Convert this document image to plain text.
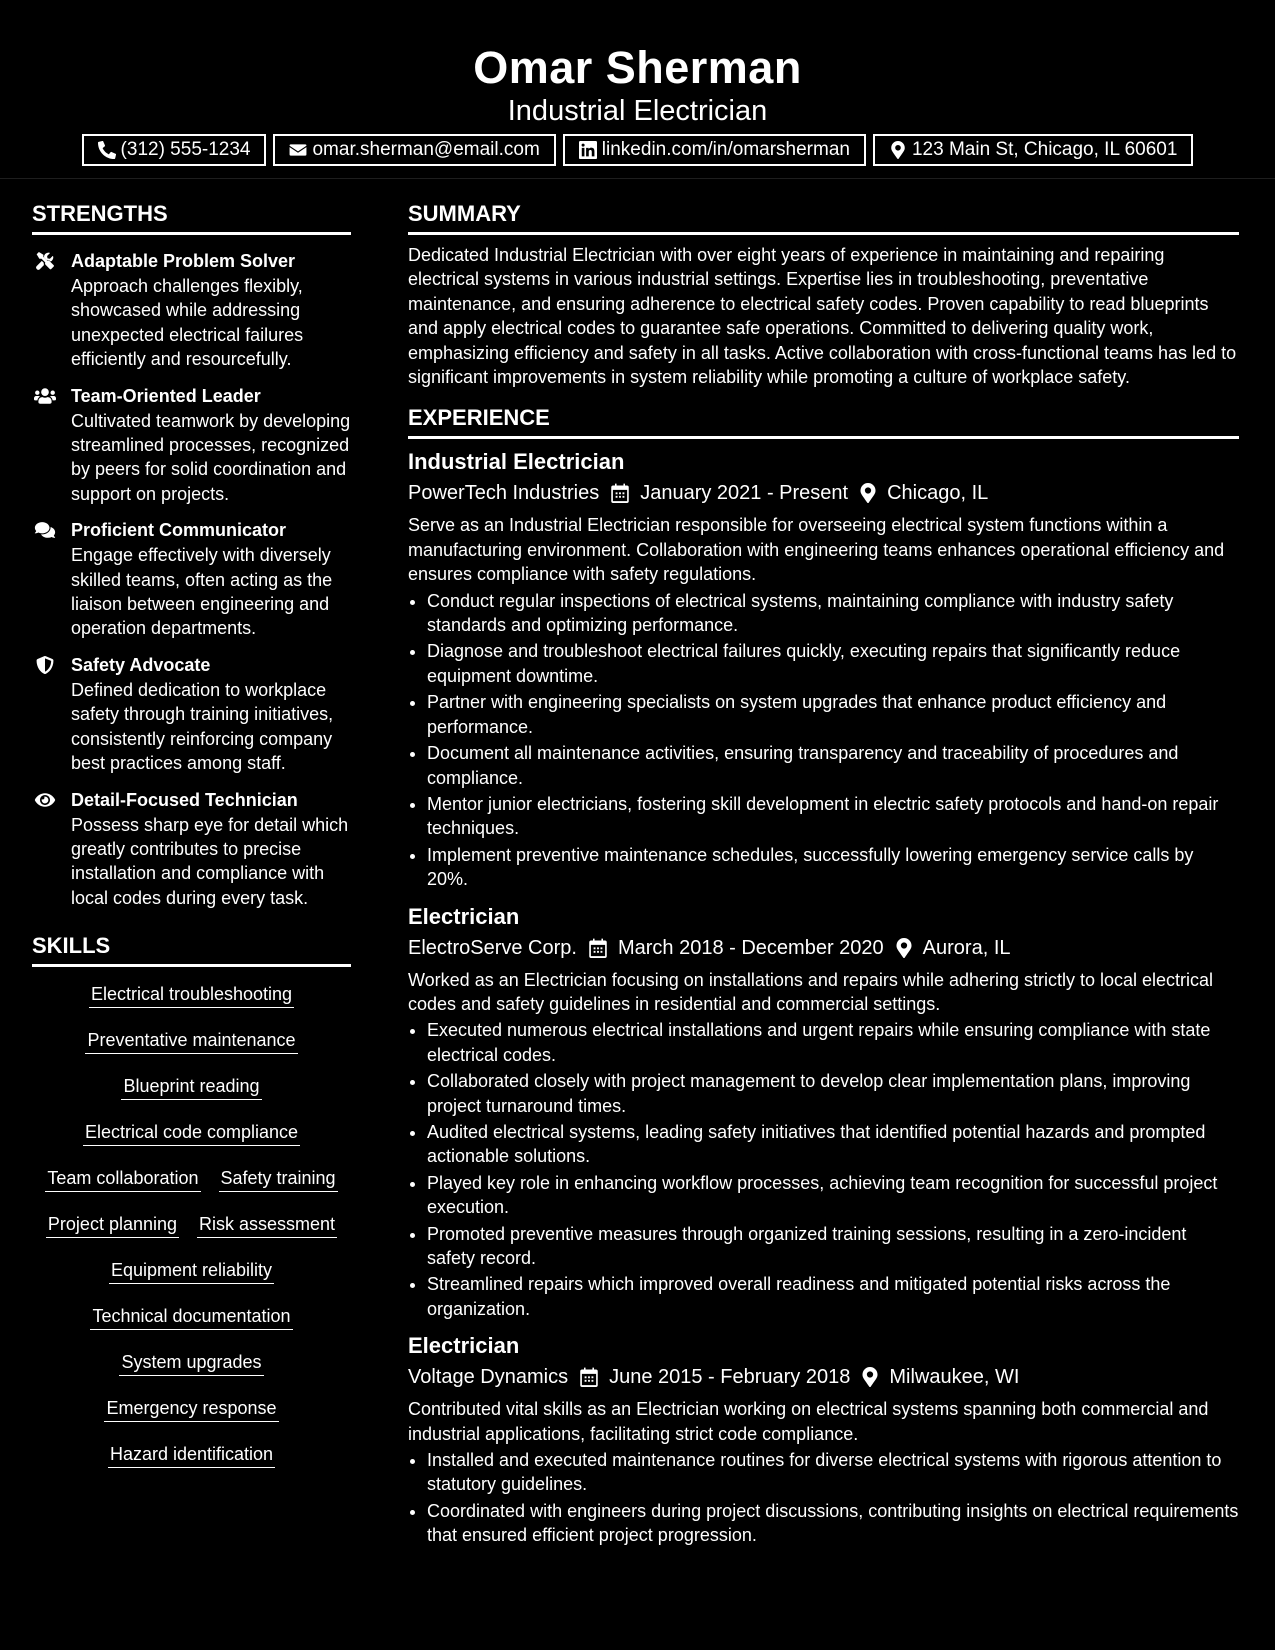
Omar Sherman
Industrial Electrician
(312) 555-1234	omar.sherman@email.com	linkedin.com/in/omarsherman	123 Main St, Chicago, IL 60601
STRENGTHS
Adaptable Problem Solver
Approach challenges flexibly, showcased while addressing unexpected electrical failures efficiently and resourcefully.
Team-Oriented Leader
Cultivated teamwork by developing streamlined processes, recognized by peers for solid coordination and support on projects.
Proficient Communicator
Engage effectively with diversely skilled teams, often acting as the liaison between engineering and operation departments.
Safety Advocate
Defined dedication to workplace safety through training initiatives, consistently reinforcing company best practices among staff.
Detail-Focused Technician
Possess sharp eye for detail which greatly contributes to precise installation and compliance with local codes during every task.
SKILLS
Electrical troubleshooting
Preventative maintenance
Blueprint reading
Electrical code compliance
Team collaboration Safety training
Project planning Risk assessment
Equipment reliability
Technical documentation
System upgrades
Emergency response
Hazard identification
SUMMARY

Dedicated Industrial Electrician with over eight years of experience in maintaining and repairing electrical systems in various industrial settings. Expertise lies in troubleshooting, preventative maintenance, and ensuring adherence to electrical safety codes. Proven capability to read blueprints and apply electrical codes to guarantee safe operations. Committed to delivering quality work, emphasizing efficiency and safety in all tasks. Active collaboration with cross-functional teams has led to significant improvements in system reliability while promoting a culture of workplace safety.

EXPERIENCE
Industrial Electrician
PowerTech Industries January 2021 - Present Chicago, IL
Serve as an Industrial Electrician responsible for overseeing electrical system functions within a manufacturing environment. Collaboration with engineering teams enhances operational efficiency and ensures compliance with safety regulations.
• Conduct regular inspections of electrical systems, maintaining compliance with industry safety standards and optimizing performance.
• Diagnose and troubleshoot electrical failures quickly, executing repairs that significantly reduce equipment downtime.
• Partner with engineering specialists on system upgrades that enhance product efficiency and performance.
• Document all maintenance activities, ensuring transparency and traceability of procedures and compliance.
• Mentor junior electricians, fostering skill development in electric safety protocols and hand-on repair techniques.
• Implement preventive maintenance schedules, successfully lowering emergency service calls by 20%.
Electrician
ElectroServe Corp. March 2018 - December 2020 Aurora, IL
Worked as an Electrician focusing on installations and repairs while adhering strictly to local electrical codes and safety guidelines in residential and commercial settings.
• Executed numerous electrical installations and urgent repairs while ensuring compliance with state electrical codes.
• Collaborated closely with project management to develop clear implementation plans, improving project turnaround times.
• Audited electrical systems, leading safety initiatives that identified potential hazards and prompted actionable solutions.
• Played key role in enhancing workflow processes, achieving team recognition for successful project execution.
• Promoted preventive measures through organized training sessions, resulting in a zero-incident safety record.
• Streamlined repairs which improved overall readiness and mitigated potential risks across the organization.
Electrician
Voltage Dynamics June 2015 - February 2018 Milwaukee, WI
Contributed vital skills as an Electrician working on electrical systems spanning both commercial and industrial applications, facilitating strict code compliance.
• Installed and executed maintenance routines for diverse electrical systems with rigorous attention to statutory guidelines.
• Coordinated with engineers during project discussions, contributing insights on electrical requirements that ensured efficient project progression.
